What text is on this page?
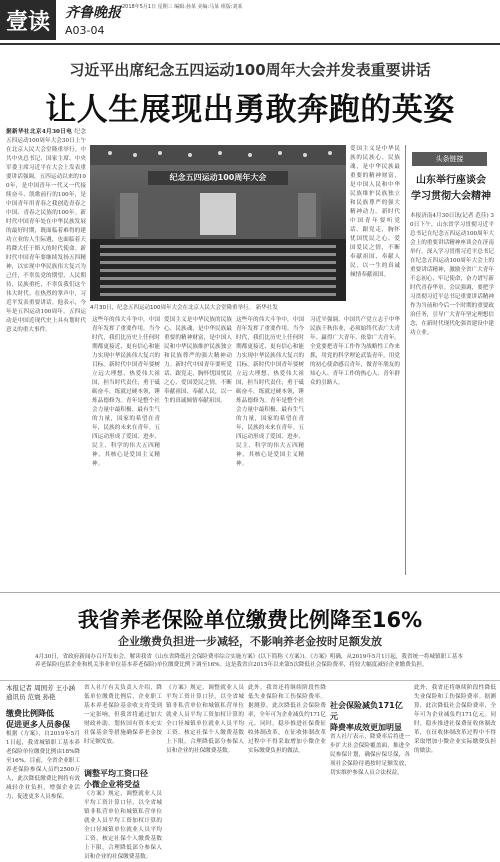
壹读	齐鲁晚报 2018年5月1日 星期三 编辑:孙某 美编:马某 组版:刘某
A03-04
习近平出席纪念五四运动100周年大会并发表重要讲话
让人生展现出勇敢奔跑的英姿
据新华社北京4月30日电 纪念五四运动100周年大会30日上午在北京人民大会堂隆重举行。中共中央总书记、国家主席、中央军委主席习近平在大会上发表重要讲话强调，五四运动以来的100年，是中国青年一代又一代接续奋斗、凯歌前行的100年，是中国青年用青春之我创造青春之中国、青春之民族的100年。新时代中国青年处在中华民族发展的最好时期，既面临着难得的建功立业的人生际遇，也面临着天将降大任于斯人的时代使命。新时代中国青年要继续发扬五四精神，以实现中华民族伟大复兴为己任，不辜负党的期望、人民期待、民族重托，不辜负我们这个伟大时代。在热烈的掌声中，习近平发表重要讲话。他表示，今年是五四运动100周年。五四运动是中国近现代史上具有划时代意义的重大事件。
纪念五四运动100周年大会
4月30日，纪念五四运动100周年大会在北京人民大会堂隆重举行。 新华社发
这些年的伟大斗争中，中国青年发挥了重要作用。当今时代，我们比历史上任何时期都更接近、更有信心和能力实现中华民族伟大复兴的目标。新时代中国青年要树立远大理想，热爱伟大祖国，担当时代责任，勇于砥砺奋斗，练就过硬本领，锤炼品德修为。青年是整个社会力量中最积极、最有生气的力量，国家的希望在青年，民族的未来在青年。五四运动形成了爱国、进步、民主、科学的伟大五四精神，其核心是爱国主义精神。
爱国主义是中华民族的民族心、民族魂，是中华民族最重要的精神财富，是中国人民和中华民族维护民族独立和民族尊严的强大精神动力。新时代中国青年要听党话、跟党走，胸怀忧国忧民之心、爱国爱民之情，不断奉献祖国、奉献人民，以一生的真诚倾情奉献祖国。
这些年的伟大斗争中，中国青年发挥了重要作用。当今时代，我们比历史上任何时期都更接近、更有信心和能力实现中华民族伟大复兴的目标。新时代中国青年要树立远大理想，热爱伟大祖国，担当时代责任，勇于砥砺奋斗，练就过硬本领，锤炼品德修为。青年是整个社会力量中最积极、最有生气的力量，国家的希望在青年，民族的未来在青年。五四运动形成了爱国、进步、民主、科学的伟大五四精神，其核心是爱国主义精神。
习近平强调，中国共产党立志于中华民族千秋伟业，必须始终代表广大青年、赢得广大青年、依靠广大青年。全党要把青年工作作为战略性工作来抓，用党的科学理论武装青年，用党的初心使命感召青年，做青年朋友的知心人、青年工作的热心人、青年群众的引路人。
爱国主义是中华民族的民族心、民族魂，是中华民族最重要的精神财富，是中国人民和中华民族维护民族独立和民族尊严的强大精神动力。新时代中国青年要听党话、跟党走，胸怀忧国忧民之心、爱国爱民之情，不断奉献祖国、奉献人民，以一生的真诚倾情奉献祖国。
头条链接
山东举行座谈会
学习贯彻大会精神
本报济南4月30日讯(记者 范佳) 30日下午，山东省学习贯彻习近平总书记在纪念五四运动100周年大会上的重要讲话精神座谈会在济南举行。深入学习贯彻习近平总书记在纪念五四运动100周年大会上的重要讲话精神，激励全省广大青年不忘初心、牢记使命，奋力谱写新时代青春华章。会议强调，要把学习贯彻习近平总书记重要讲话精神作为当前和今后一个时期的重要政治任务，引导广大青年坚定理想信念，在新时代现代化强省建设中建功立业。
我省养老保险单位缴费比例降至16%
企业缴费负担进一步减轻，不影响养老金按时足额发放
4月30日，省政府新闻办召开发布会，解读我省《山东省降低社会保险费率综合实施方案》(以下简称《方案》)。《方案》明确，从2019年5月1日起，我省统一将城镇职工基本养老保险(包括企业和机关事业单位基本养老保险)单位缴费比例下调至16%。这是我省自2015年以来第5次降低社会保险费率，将较大幅度减轻企业缴费负担。
本报记者 周国芳 王小涵
通讯员 范寰 孙艳
缴费比例降低
促进更多人员参保
根据《方案》，自2019年5月1日起，我省城镇职工基本养老保险单位缴费比例由18%降至16%。目前，全省企业职工养老保险参保人员约2500万人，此次降低缴费比例将有效减轻企业负担，增强企业活力，促进更多人员参保。
省人社厅有关负责人介绍，降低单位缴费比例后，企业职工基本养老保险基金收支将受到一定影响，但我省将通过加大财政补助、划转国有资本充实社保基金等措施确保养老金按时足额发放。
调整平均工资口径
小微企业将受益
《方案》规定，调整就业人员平均工资计算口径，以全省城镇非私营单位和城镇私营单位就业人员平均工资加权计算的全口径城镇单位就业人员平均工资，核定社保个人缴费基数上下限，合理降低部分参保人员和企业的社保缴费基数。
《方案》规定，调整就业人员平均工资计算口径，以全省城镇非私营单位和城镇私营单位就业人员平均工资加权计算的全口径城镇单位就业人员平均工资，核定社保个人缴费基数上下限，合理降低部分参保人员和企业的社保缴费基数。
此外，我省还将继续阶段性降低失业保险和工伤保险费率。据测算，此次降低社会保险费率，全年可为企业减负约171亿元。同时，稳步推进社保费征收体制改革，在征收体制改革过程中不得采取增加小微企业实际缴费负担的做法。
社会保险减负171亿元
降费率成效更加明显
省人社厅表示，降费率后将进一步扩大社会保险覆盖面，推进全民参保计划，确保应保尽保，各项社会保险待遇按时足额发放，切实维护参保人员合法权益。
此外，我省还将继续阶段性降低失业保险和工伤保险费率。据测算，此次降低社会保险费率，全年可为企业减负约171亿元。同时，稳步推进社保费征收体制改革，在征收体制改革过程中不得采取增加小微企业实际缴费负担的做法。
